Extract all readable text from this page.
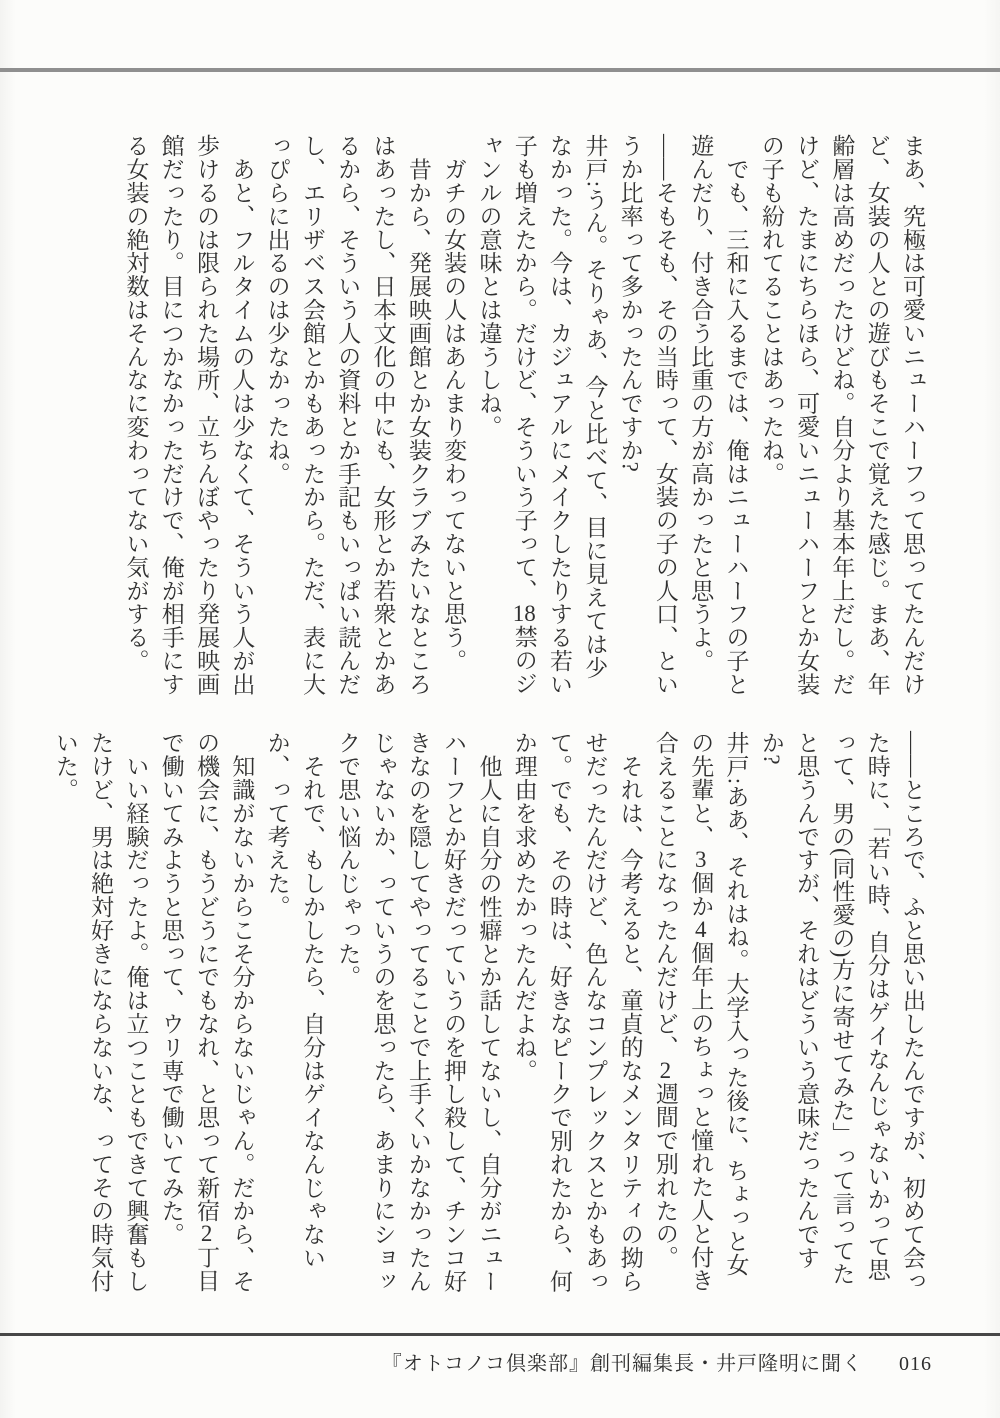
まあ、究極は可愛いニューハーフって思ってたんだけど、女装の人との遊びもそこで覚えた感じ。まあ、年齢層は高めだったけどね。自分より基本年上だし。だけど、たまにちらほら、可愛いニューハーフとか女装の子も紛れてることはあったね。

　でも、三和に入るまでは、俺はニューハーフの子と遊んだり、付き合う比重の方が高かったと思うよ。

――そもそも、その当時って、女装の子の人口、というか比率って多かったんですか?

井戸:うん。そりゃあ、今と比べて、目に見えては少なかった。今は、カジュアルにメイクしたりする若い子も増えたから。だけど、そういう子って、18禁のジャンルの意味とは違うしね。

　ガチの女装の人はあんまり変わってないと思う。

　昔から、発展映画館とか女装クラブみたいなところはあったし、日本文化の中にも、女形とか若衆とかあるから、そういう人の資料とか手記もいっぱい読んだし、エリザベス会館とかもあったから。ただ、表に大っぴらに出るのは少なかったね。

　あと、フルタイムの人は少なくて、そういう人が出歩けるのは限られた場所、立ちんぼやったり発展映画館だったり。目につかなかっただけで、俺が相手にする女装の絶対数はそんなに変わってない気がする。

――ところで、ふと思い出したんですが、初めて会った時に、「若い時、自分はゲイなんじゃないかって思って、男の(同性愛の)方に寄せてみた」って言ってたと思うんですが、それはどういう意味だったんですか?

井戸:ああ、それはね。大学入った後に、ちょっと女の先輩と、3個か4個年上のちょっと憧れた人と付き合えることになったんだけど、2週間で別れたの。

　それは、今考えると、童貞的なメンタリティの拗らせだったんだけど、色んなコンプレックスとかもあって。でも、その時は、好きなピークで別れたから、何か理由を求めたかったんだよね。

　他人に自分の性癖とか話してないし、自分がニューハーフとか好きだっていうのを押し殺して、チンコ好きなのを隠してやってることで上手くいかなかったんじゃないか、っていうのを思ったら、あまりにショックで思い悩んじゃった。

　それで、もしかしたら、自分はゲイなんじゃないか、って考えた。

　知識がないからこそ分からないじゃん。だから、その機会に、もうどうにでもなれ、と思って新宿2丁目で働いてみようと思って、ウリ専で働いてみた。

　いい経験だったよ。俺は立つこともできて興奮もしたけど、男は絶対好きにならないな、ってその時気付いた。

『オトコノコ倶楽部』創刊編集長・井戸隆明に聞く 016
